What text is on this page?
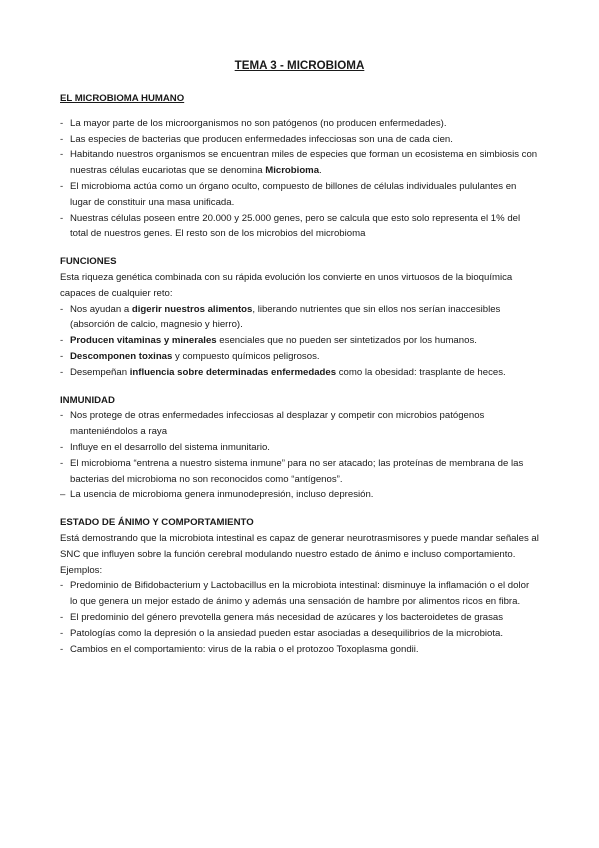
TEMA 3 - MICROBIOMA
EL MICROBIOMA HUMANO
- La mayor parte de los microorganismos no son patógenos (no producen enfermedades).
- Las especies de bacterias que producen enfermedades infecciosas son una de cada cien.
- Habitando nuestros organismos se encuentran miles de especies que forman un ecosistema en simbiosis con nuestras células eucariotas que se denomina Microbioma.
- El microbioma actúa como un órgano oculto, compuesto de billones de células individuales pululantes en lugar de constituir una masa unificada.
- Nuestras células poseen entre 20.000 y 25.000 genes, pero se calcula que esto solo representa el 1% del total de nuestros genes. El resto son de los microbios del microbioma
FUNCIONES

Esta riqueza genética combinada con su rápida evolución los convierte en unos virtuosos de la bioquímica capaces de cualquier reto:

- Nos ayudan a digerir nuestros alimentos, liberando nutrientes que sin ellos nos serían inaccesibles (absorción de calcio, magnesio y hierro).
- Producen vitaminas y minerales esenciales que no pueden ser sintetizados por los humanos.
- Descomponen toxinas y compuesto químicos peligrosos.
- Desempeñan influencia sobre determinadas enfermedades como la obesidad: trasplante de heces.
INMUNIDAD
- Nos protege de otras enfermedades infecciosas al desplazar y competir con microbios patógenos manteniéndolos a raya
- Influye en el desarrollo del sistema inmunitario.
- El microbioma “entrena a nuestro sistema inmune” para no ser atacado; las proteínas de membrana de las bacterias del microbioma no son reconocidos como “antígenos”.
– La usencia de microbioma genera inmunodepresión, incluso depresión.
ESTADO DE ÁNIMO Y COMPORTAMIENTO

Está demostrando que la microbiota intestinal es capaz de generar neurotrasmisores y puede mandar señales al SNC que influyen sobre la función cerebral modulando nuestro estado de ánimo e incluso comportamiento.

Ejemplos:

- Predominio de Bifidobacterium y Lactobacillus en la microbiota intestinal: disminuye la inflamación o el dolor lo que genera un mejor estado de ánimo y además una sensación de hambre por alimentos ricos en fibra.
- El predominio del género prevotella genera más necesidad de azúcares y los bacteroidetes de grasas
- Patologías como la depresión o la ansiedad pueden estar asociadas a desequilibrios de la microbiota.
- Cambios en el comportamiento: virus de la rabia o el protozoo Toxoplasma gondii.
